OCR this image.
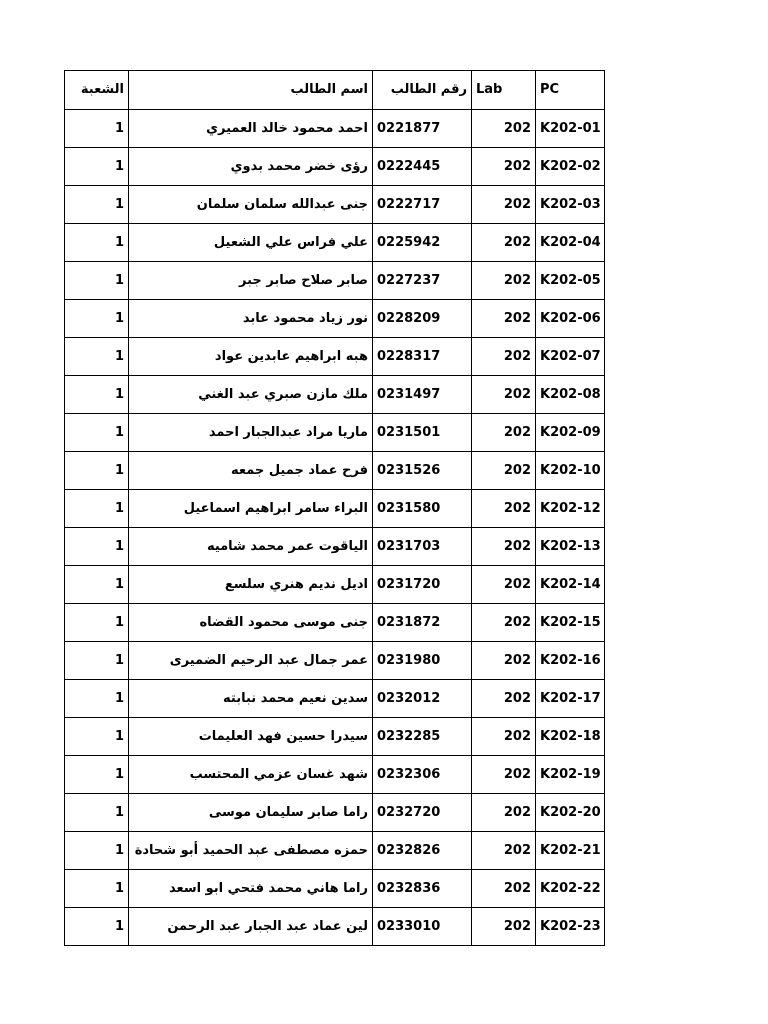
الشعبة	اسم الطالب	رقم الطالب	Lab	PC
1	احمد محمود خالد العميري	0221877	202	K202-01
1	رؤى خضر محمد بدوي	0222445	202	K202-02
1	جنى عبدالله سلمان سلمان	0222717	202	K202-03
1	علي فراس علي الشعيل	0225942	202	K202-04
1	صابر صلاح صابر جبر	0227237	202	K202-05
1	نور زياد محمود عابد	0228209	202	K202-06
1	هبه ابراهيم عابدين عواد	0228317	202	K202-07
1	ملك مازن صبري عبد الغني	0231497	202	K202-08
1	ماريا مراد عبدالجبار احمد	0231501	202	K202-09
1	فرح عماد جميل جمعه	0231526	202	K202-10
1	البراء سامر ابراهيم اسماعيل	0231580	202	K202-12
1	الياقوت عمر محمد شاميه	0231703	202	K202-13
1	اديل نديم هنري سلسع	0231720	202	K202-14
1	جنى موسى محمود القضاه	0231872	202	K202-15
1	عمر جمال عبد الرحيم الضميرى	0231980	202	K202-16
1	سدين نعيم محمد نبابته	0232012	202	K202-17
1	سيدرا حسين فهد العليمات	0232285	202	K202-18
1	شهد غسان عزمي المحتسب	0232306	202	K202-19
1	راما صابر سليمان موسى	0232720	202	K202-20
1	حمزه مصطفى عبد الحميد أبو شحادة	0232826	202	K202-21
1	راما هاني محمد فتحي ابو اسعد	0232836	202	K202-22
1	لين عماد عبد الجبار عبد الرحمن	0233010	202	K202-23
